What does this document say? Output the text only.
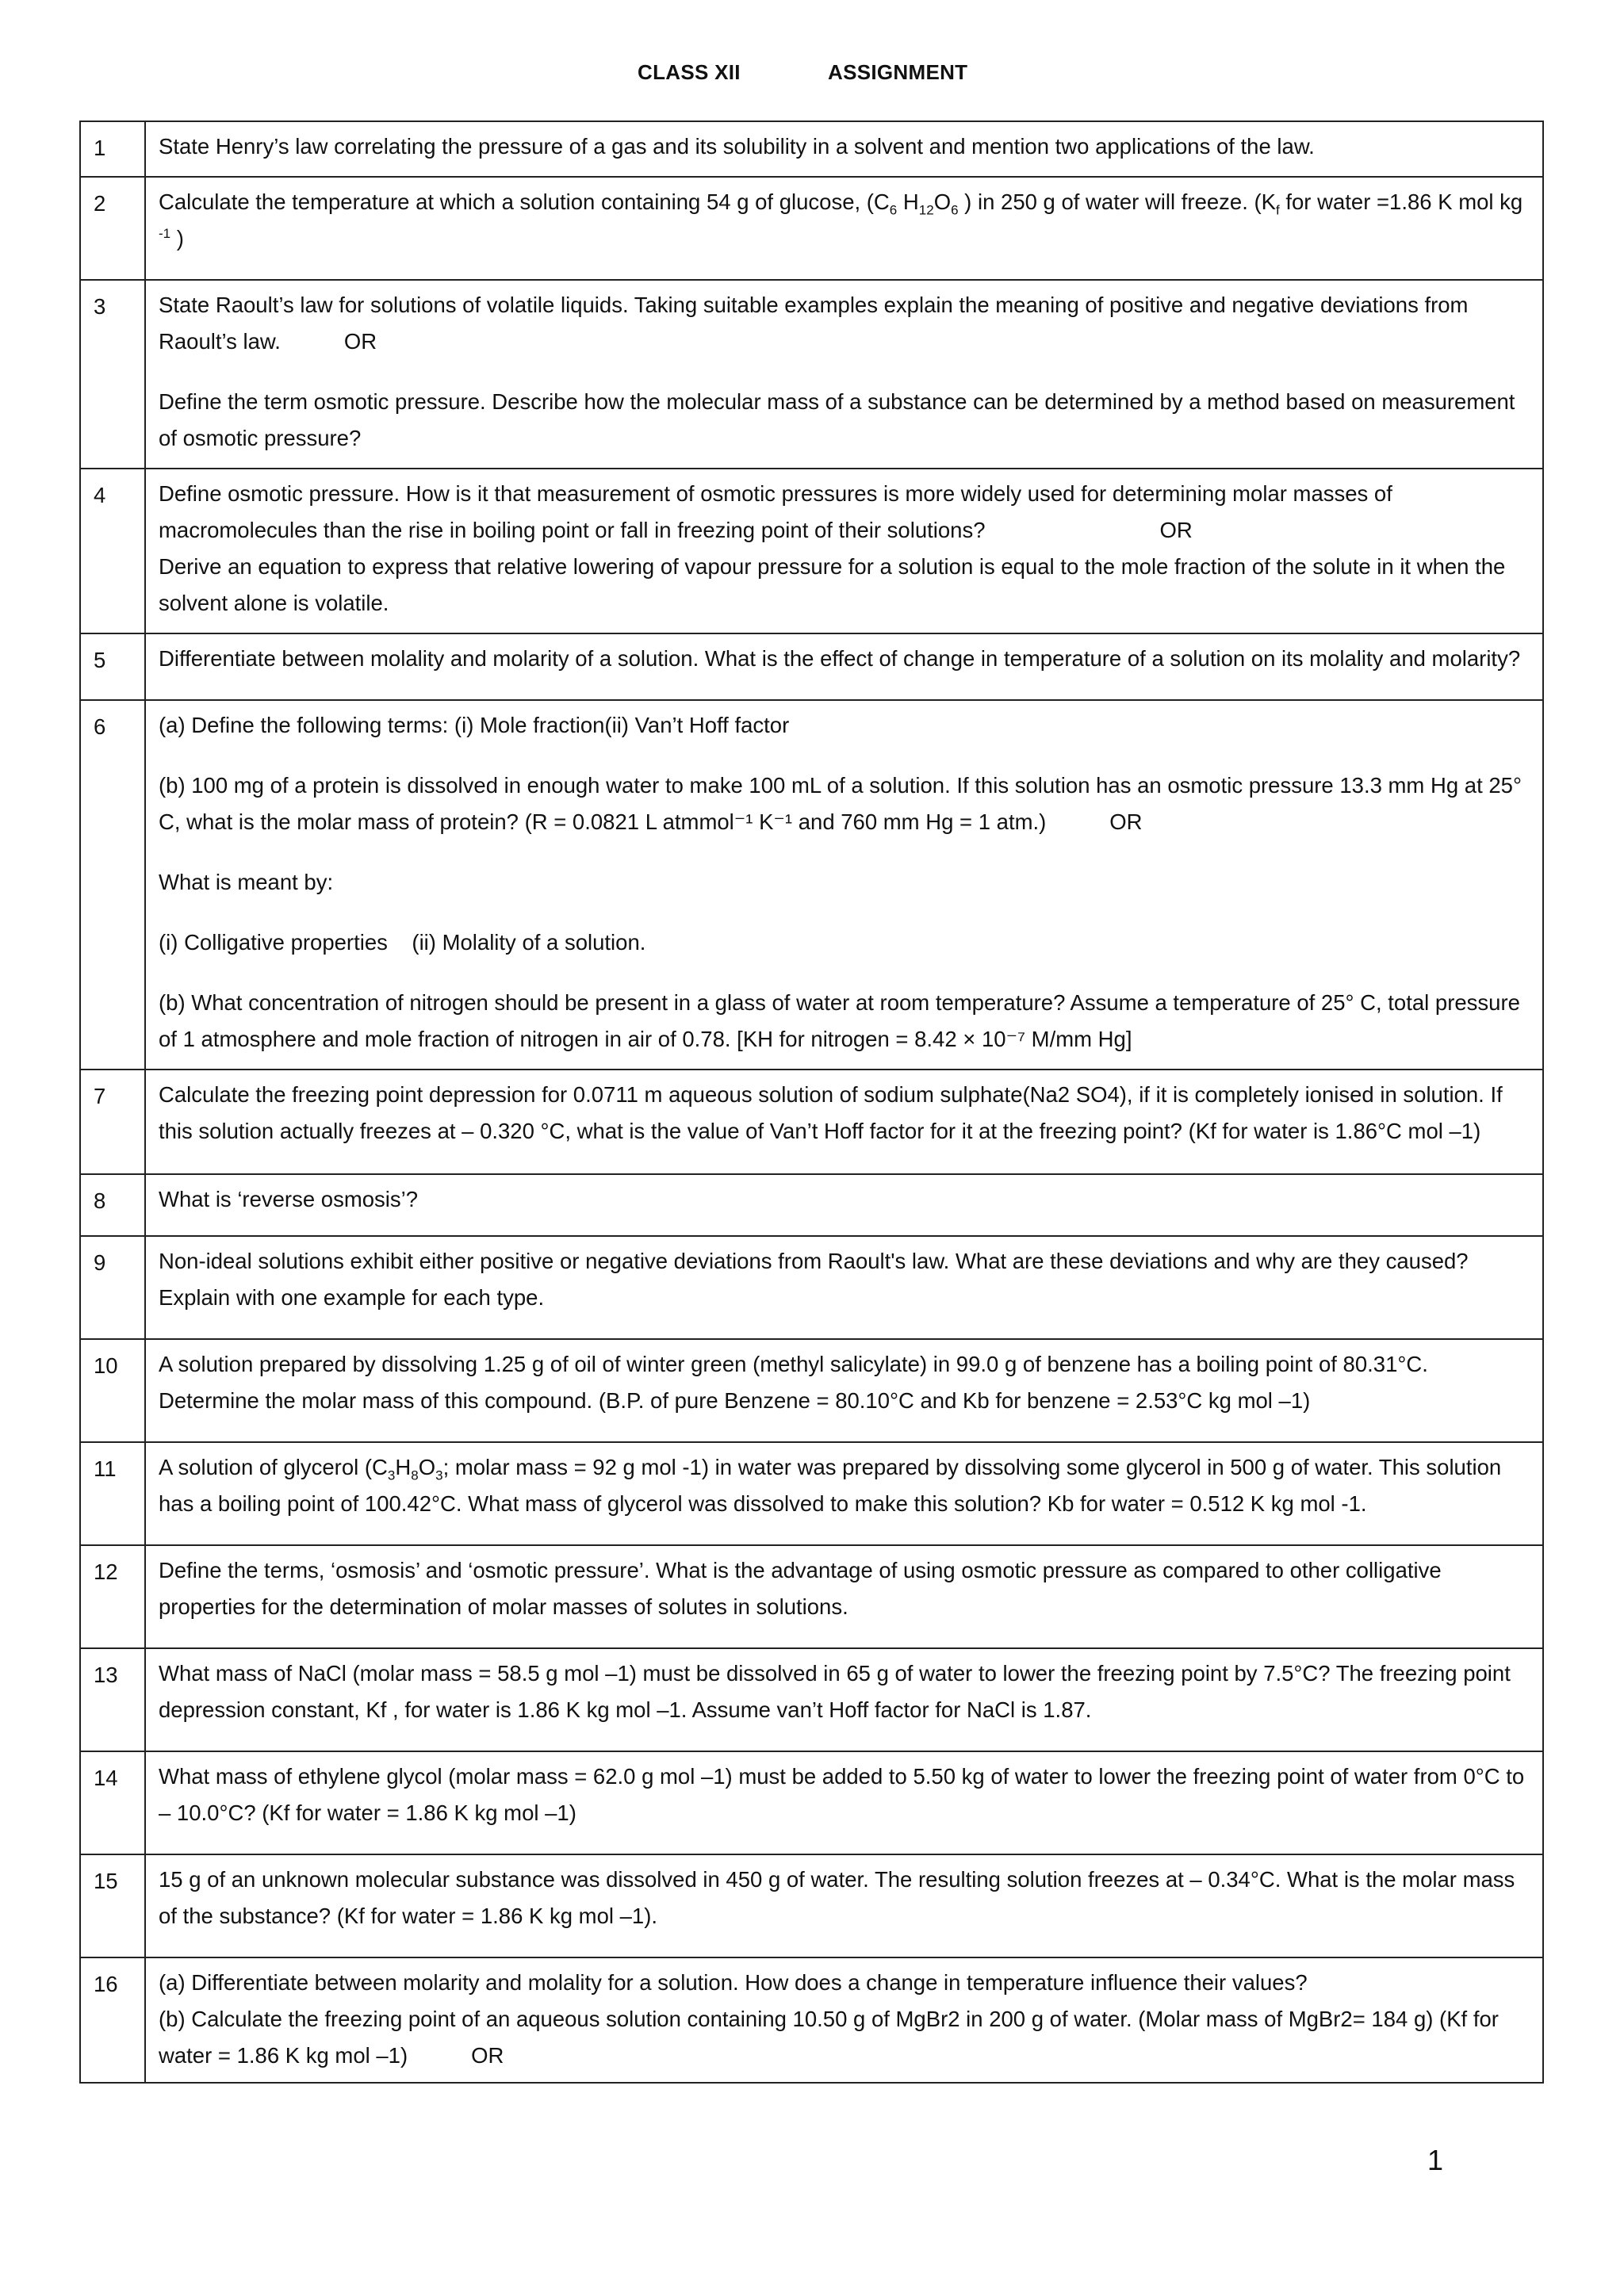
CLASS XII	ASSIGNMENT
1	State Henry’s law correlating the pressure of a gas and its solubility in a solvent and mention two applications of the law.

2	Calculate the temperature at which a solution containing 54 g of glucose, ($C_6$ $H_{12}O_6$ ) in 250 g of water will freeze. ($K_f$ for water =1.86 K mol kg $^{-1}$ )

3	State Raoult’s law for solutions of volatile liquids. Taking suitable examples explain the meaning of positive and negative deviations from Raoult’s law. OR

Define the term osmotic pressure. Describe how the molecular mass of a substance can be determined by a method based on measurement of osmotic pressure?

4	Define osmotic pressure. How is it that measurement of osmotic pressures is more widely used for determining molar masses of macromolecules than the rise in boiling point or fall in freezing point of their solutions? OR

Derive an equation to express that relative lowering of vapour pressure for a solution is equal to the mole fraction of the solute in it when the solvent alone is volatile.

5	Differentiate between molality and molarity of a solution. What is the effect of change in temperature of a solution on its molality and molarity?

6	(a) Define the following terms: (i) Mole fraction(ii) Van’t Hoff factor

(b) 100 mg of a protein is dissolved in enough water to make 100 mL of a solution. If this solution has an osmotic pressure 13.3 mm Hg at 25° C, what is the molar mass of protein? (R = 0.0821 L atmmol⁻¹ K⁻¹ and 760 mm Hg = 1 atm.) OR

What is meant by:

(i) Colligative properties    (ii) Molality of a solution.

(b) What concentration of nitrogen should be present in a glass of water at room temperature? Assume a temperature of 25° C, total pressure of 1 atmosphere and mole fraction of nitrogen in air of 0.78. [KH for nitrogen = 8.42 × 10⁻⁷ M/mm Hg]

7	Calculate the freezing point depression for 0.0711 m aqueous solution of sodium sulphate(Na2 SO4), if it is completely ionised in solution. If this solution actually freezes at – 0.320 °C, what is the value of Van’t Hoff factor for it at the freezing point? (Kf for water is 1.86°C mol –1)

8	What is ‘reverse osmosis’?

9	Non-ideal solutions exhibit either positive or negative deviations from Raoult's law. What are these deviations and why are they caused? Explain with one example for each type.

10	A solution prepared by dissolving 1.25 g of oil of winter green (methyl salicylate) in 99.0 g of benzene has a boiling point of 80.31°C. Determine the molar mass of this compound. (B.P. of pure Benzene = 80.10°C and Kb for benzene = 2.53°C kg mol –1)

11	A solution of glycerol ($C_3H_8O_3$; molar mass = 92 g mol -1) in water was prepared by dissolving some glycerol in 500 g of water. This solution has a boiling point of 100.42°C. What mass of glycerol was dissolved to make this solution? Kb for water = 0.512 K kg mol -1.

12	Define the terms, ‘osmosis’ and ‘osmotic pressure’. What is the advantage of using osmotic pressure as compared to other colligative properties for the determination of molar masses of solutes in solutions.

13	What mass of NaCl (molar mass = 58.5 g mol –1) must be dissolved in 65 g of water to lower the freezing point by 7.5°C? The freezing point depression constant, Kf , for water is 1.86 K kg mol –1. Assume van’t Hoff factor for NaCl is 1.87.

14	What mass of ethylene glycol (molar mass = 62.0 g mol –1) must be added to 5.50 kg of water to lower the freezing point of water from 0°C to – 10.0°C? (Kf for water = 1.86 K kg mol –1)

15	15 g of an unknown molecular substance was dissolved in 450 g of water. The resulting solution freezes at – 0.34°C. What is the molar mass of the substance? (Kf for water = 1.86 K kg mol –1).

16	(a) Differentiate between molarity and molality for a solution. How does a change in temperature influence their values?

(b) Calculate the freezing point of an aqueous solution containing 10.50 g of MgBr2 in 200 g of water. (Molar mass of MgBr2= 184 g) (Kf for water = 1.86 K kg mol –1) OR

1
